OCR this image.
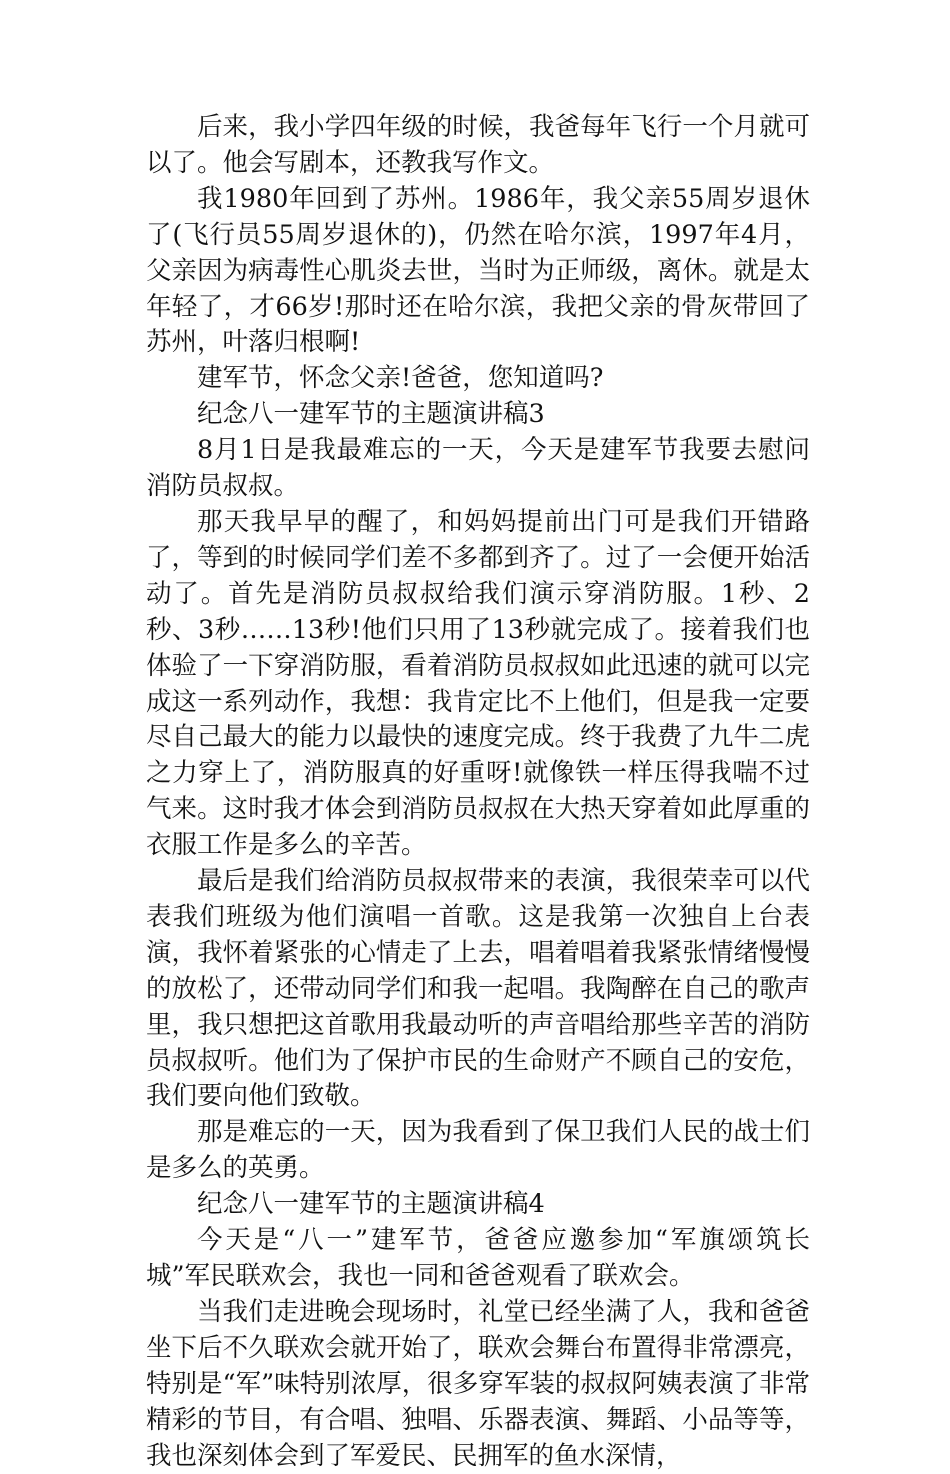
后来，我小学四年级的时候，我爸每年飞行一个月就可以了。他会写剧本，还教我写作文。

我1980年回到了苏州。1986年，我父亲55周岁退休了(飞行员55周岁退休的)，仍然在哈尔滨，1997年4月，父亲因为病毒性心肌炎去世，当时为正师级，离休。就是太年轻了，才66岁!那时还在哈尔滨，我把父亲的骨灰带回了苏州，叶落归根啊!

建军节，怀念父亲!爸爸，您知道吗?

纪念八一建军节的主题演讲稿3

8月1日是我最难忘的一天，今天是建军节我要去慰问消防员叔叔。

那天我早早的醒了，和妈妈提前出门可是我们开错路了，等到的时候同学们差不多都到齐了。过了一会便开始活动了。首先是消防员叔叔给我们演示穿消防服。1秒、2秒、3秒……13秒!他们只用了13秒就完成了。接着我们也体验了一下穿消防服，看着消防员叔叔如此迅速的就可以完成这一系列动作，我想：我肯定比不上他们，但是我一定要尽自己最大的能力以最快的速度完成。终于我费了九牛二虎之力穿上了，消防服真的好重呀!就像铁一样压得我喘不过气来。这时我才体会到消防员叔叔在大热天穿着如此厚重的衣服工作是多么的辛苦。

最后是我们给消防员叔叔带来的表演，我很荣幸可以代表我们班级为他们演唱一首歌。这是我第一次独自上台表演，我怀着紧张的心情走了上去，唱着唱着我紧张情绪慢慢的放松了，还带动同学们和我一起唱。我陶醉在自己的歌声里，我只想把这首歌用我最动听的声音唱给那些辛苦的消防员叔叔听。他们为了保护市民的生命财产不顾自己的安危，我们要向他们致敬。

那是难忘的一天，因为我看到了保卫我们人民的战士们是多么的英勇。

纪念八一建军节的主题演讲稿4

今天是“八一”建军节，爸爸应邀参加“军旗颂筑长城”军民联欢会，我也一同和爸爸观看了联欢会。

当我们走进晚会现场时，礼堂已经坐满了人，我和爸爸坐下后不久联欢会就开始了，联欢会舞台布置得非常漂亮，特别是“军”味特别浓厚，很多穿军装的叔叔阿姨表演了非常精彩的节目，有合唱、独唱、乐器表演、舞蹈、小品等等，我也深刻体会到了军爱民、民拥军的鱼水深情，
